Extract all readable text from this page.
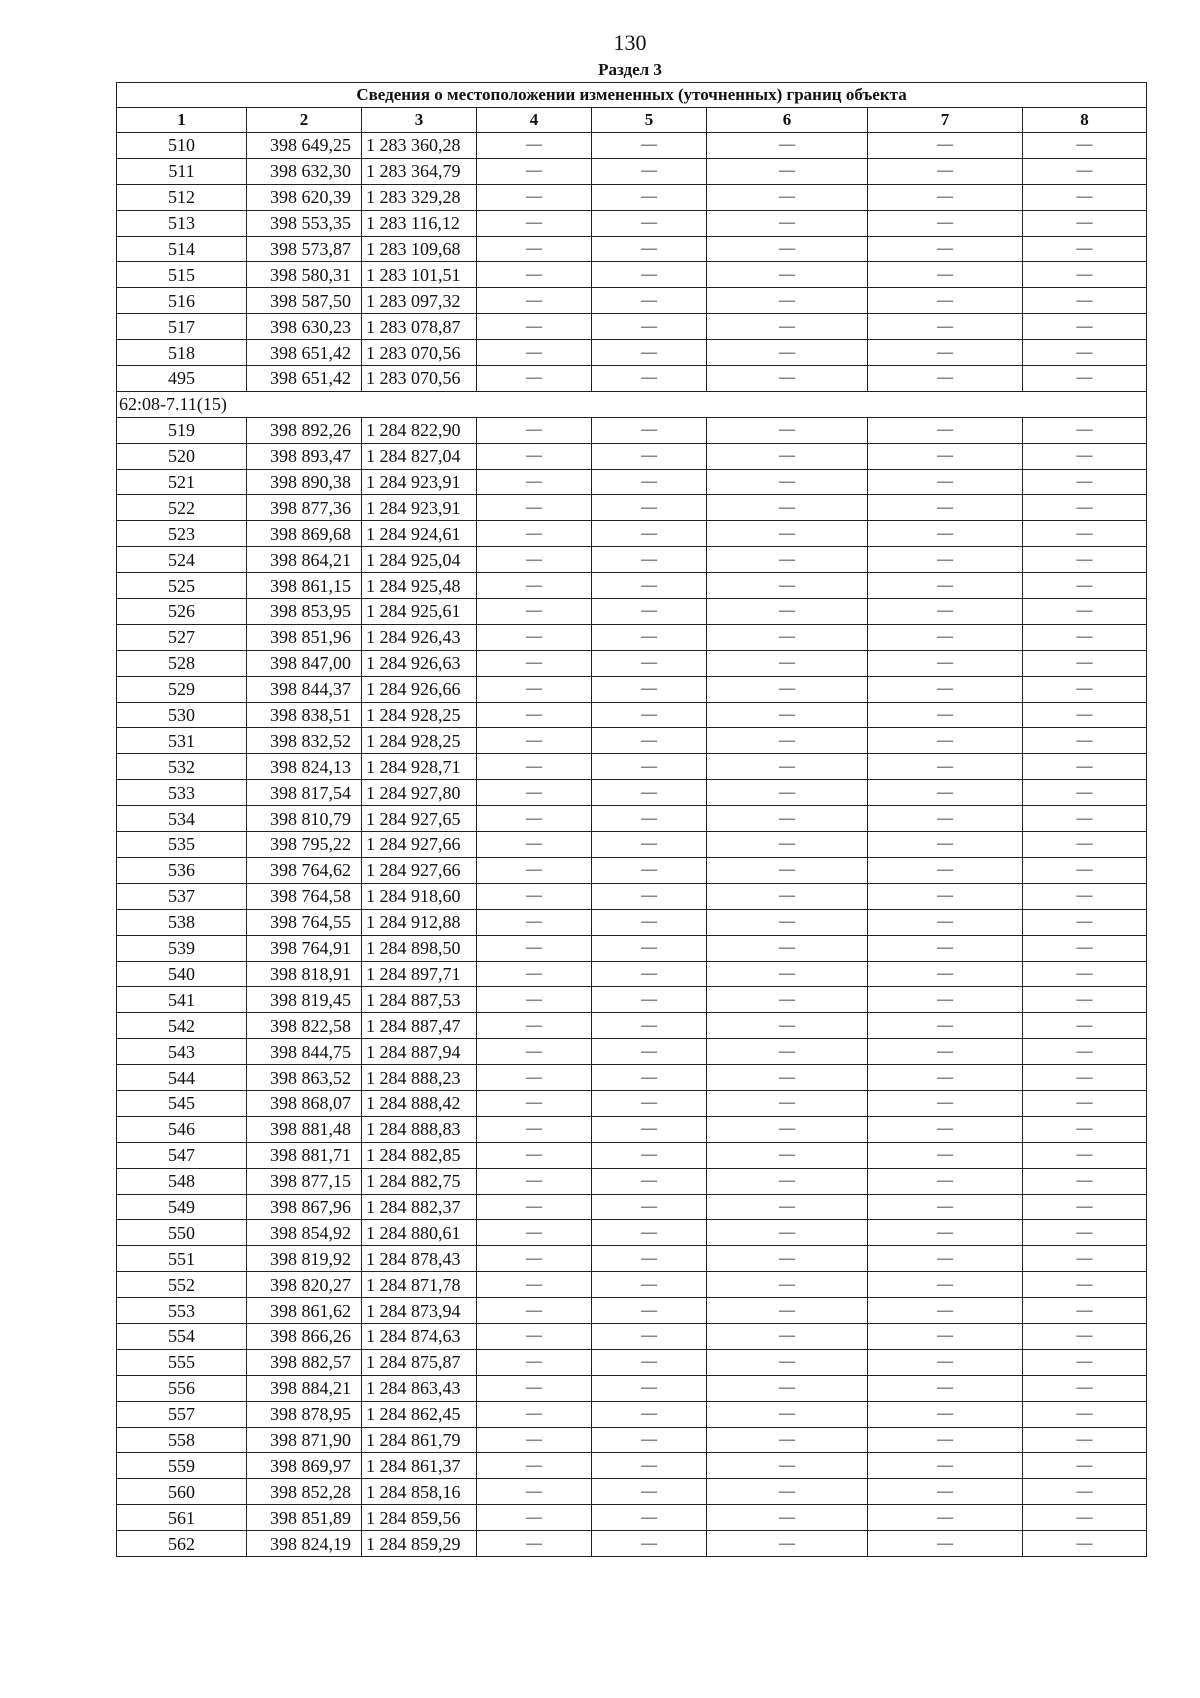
130
Раздел 3
Сведения о местоположении измененных (уточненных) границ объекта							
1	2	3	4	5	6	7	8
510	398 649,25	1 283 360,28	—	—	—	—	—
511	398 632,30	1 283 364,79	—	—	—	—	—
512	398 620,39	1 283 329,28	—	—	—	—	—
513	398 553,35	1 283 116,12	—	—	—	—	—
514	398 573,87	1 283 109,68	—	—	—	—	—
515	398 580,31	1 283 101,51	—	—	—	—	—
516	398 587,50	1 283 097,32	—	—	—	—	—
517	398 630,23	1 283 078,87	—	—	—	—	—
518	398 651,42	1 283 070,56	—	—	—	—	—
495	398 651,42	1 283 070,56	—	—	—	—	—
62:08-7.11(15)							
519	398 892,26	1 284 822,90	—	—	—	—	—
520	398 893,47	1 284 827,04	—	—	—	—	—
521	398 890,38	1 284 923,91	—	—	—	—	—
522	398 877,36	1 284 923,91	—	—	—	—	—
523	398 869,68	1 284 924,61	—	—	—	—	—
524	398 864,21	1 284 925,04	—	—	—	—	—
525	398 861,15	1 284 925,48	—	—	—	—	—
526	398 853,95	1 284 925,61	—	—	—	—	—
527	398 851,96	1 284 926,43	—	—	—	—	—
528	398 847,00	1 284 926,63	—	—	—	—	—
529	398 844,37	1 284 926,66	—	—	—	—	—
530	398 838,51	1 284 928,25	—	—	—	—	—
531	398 832,52	1 284 928,25	—	—	—	—	—
532	398 824,13	1 284 928,71	—	—	—	—	—
533	398 817,54	1 284 927,80	—	—	—	—	—
534	398 810,79	1 284 927,65	—	—	—	—	—
535	398 795,22	1 284 927,66	—	—	—	—	—
536	398 764,62	1 284 927,66	—	—	—	—	—
537	398 764,58	1 284 918,60	—	—	—	—	—
538	398 764,55	1 284 912,88	—	—	—	—	—
539	398 764,91	1 284 898,50	—	—	—	—	—
540	398 818,91	1 284 897,71	—	—	—	—	—
541	398 819,45	1 284 887,53	—	—	—	—	—
542	398 822,58	1 284 887,47	—	—	—	—	—
543	398 844,75	1 284 887,94	—	—	—	—	—
544	398 863,52	1 284 888,23	—	—	—	—	—
545	398 868,07	1 284 888,42	—	—	—	—	—
546	398 881,48	1 284 888,83	—	—	—	—	—
547	398 881,71	1 284 882,85	—	—	—	—	—
548	398 877,15	1 284 882,75	—	—	—	—	—
549	398 867,96	1 284 882,37	—	—	—	—	—
550	398 854,92	1 284 880,61	—	—	—	—	—
551	398 819,92	1 284 878,43	—	—	—	—	—
552	398 820,27	1 284 871,78	—	—	—	—	—
553	398 861,62	1 284 873,94	—	—	—	—	—
554	398 866,26	1 284 874,63	—	—	—	—	—
555	398 882,57	1 284 875,87	—	—	—	—	—
556	398 884,21	1 284 863,43	—	—	—	—	—
557	398 878,95	1 284 862,45	—	—	—	—	—
558	398 871,90	1 284 861,79	—	—	—	—	—
559	398 869,97	1 284 861,37	—	—	—	—	—
560	398 852,28	1 284 858,16	—	—	—	—	—
561	398 851,89	1 284 859,56	—	—	—	—	—
562	398 824,19	1 284 859,29	—	—	—	—	—
